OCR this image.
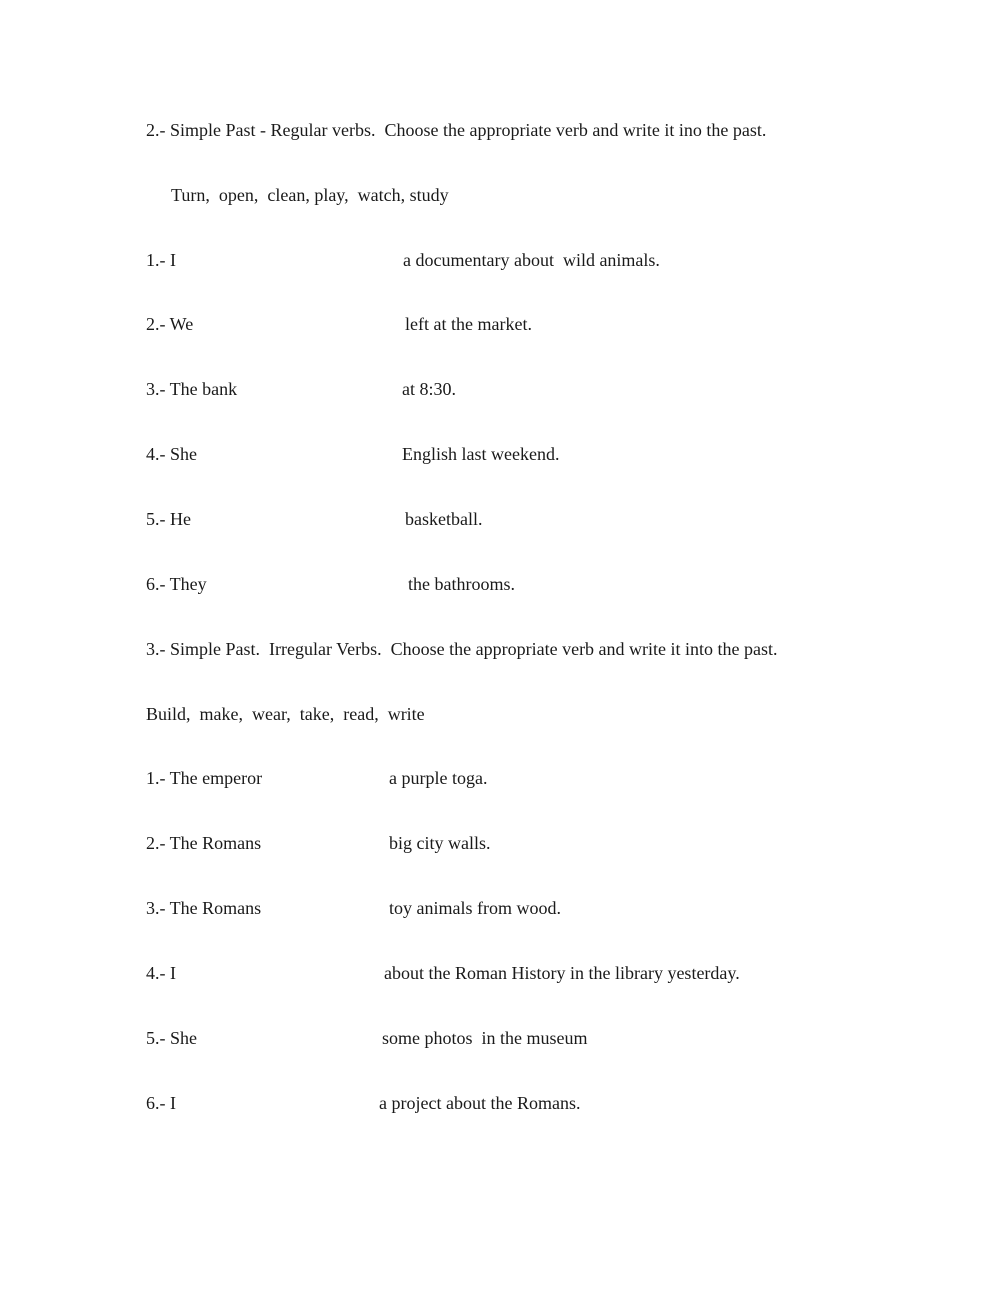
2.- Simple Past - Regular verbs.  Choose the appropriate verb and write it ino the past.
Turn,  open,  clean, play,  watch, study
1.- I	a documentary about  wild animals.
2.- We	left at the market.
3.- The bank	at 8:30.
4.- She	English last weekend.
5.- He	basketball.
6.- They	the bathrooms.
3.- Simple Past.  Irregular Verbs.  Choose the appropriate verb and write it into the past.
Build,  make,  wear,  take,  read,  write
1.- The emperor	a purple toga.
2.- The Romans	big city walls.
3.- The Romans	toy animals from wood.
4.- I	about the Roman History in the library yesterday.
5.- She	some photos  in the museum
6.- I	a project about the Romans.
